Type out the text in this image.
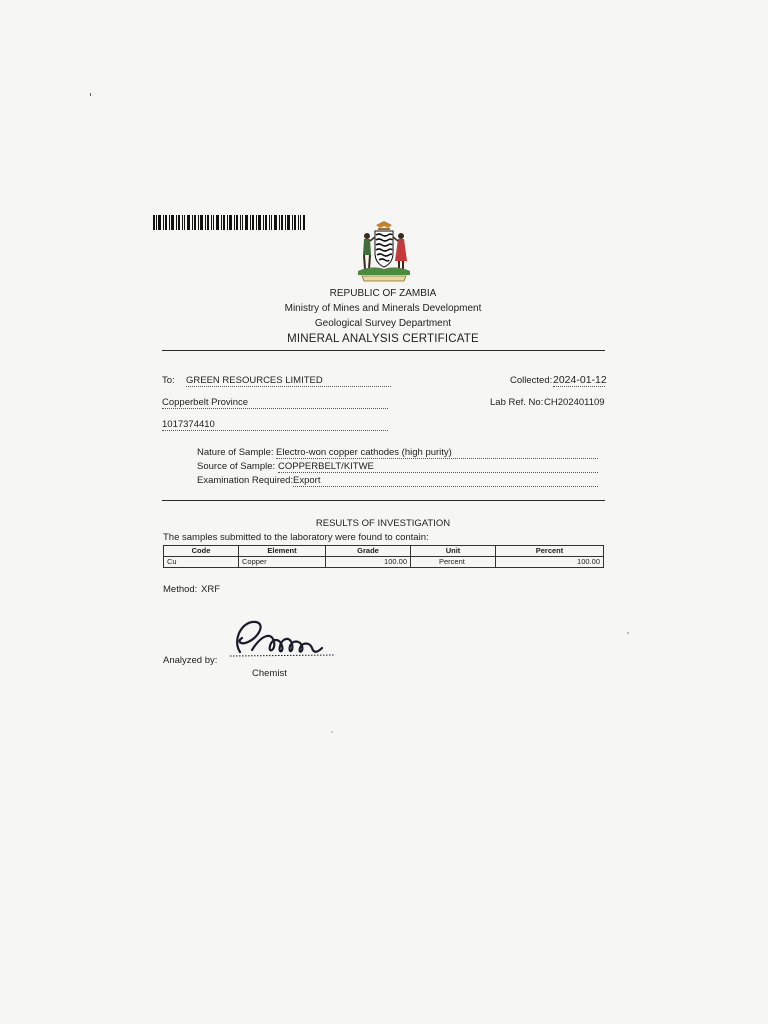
REPUBLIC OF ZAMBIA
Ministry of Mines and Minerals Development
Geological Survey Department
MINERAL ANALYSIS CERTIFICATE
To: GREEN RESOURCES LIMITED
Copperbelt Province
1017374410
Collected: 2024-01-12
Lab Ref. No: CH202401109
Nature of Sample: Electro-won copper cathodes (high purity)
Source of Sample: COPPERBELT/KITWE
Examination Required: Export
RESULTS OF INVESTIGATION
The samples submitted to the laboratory were found to contain:
Code	Element	Grade	Unit	Percent
Cu	Copper	100.00	Percent	100.00
Method: XRF
Analyzed by:
Chemist
